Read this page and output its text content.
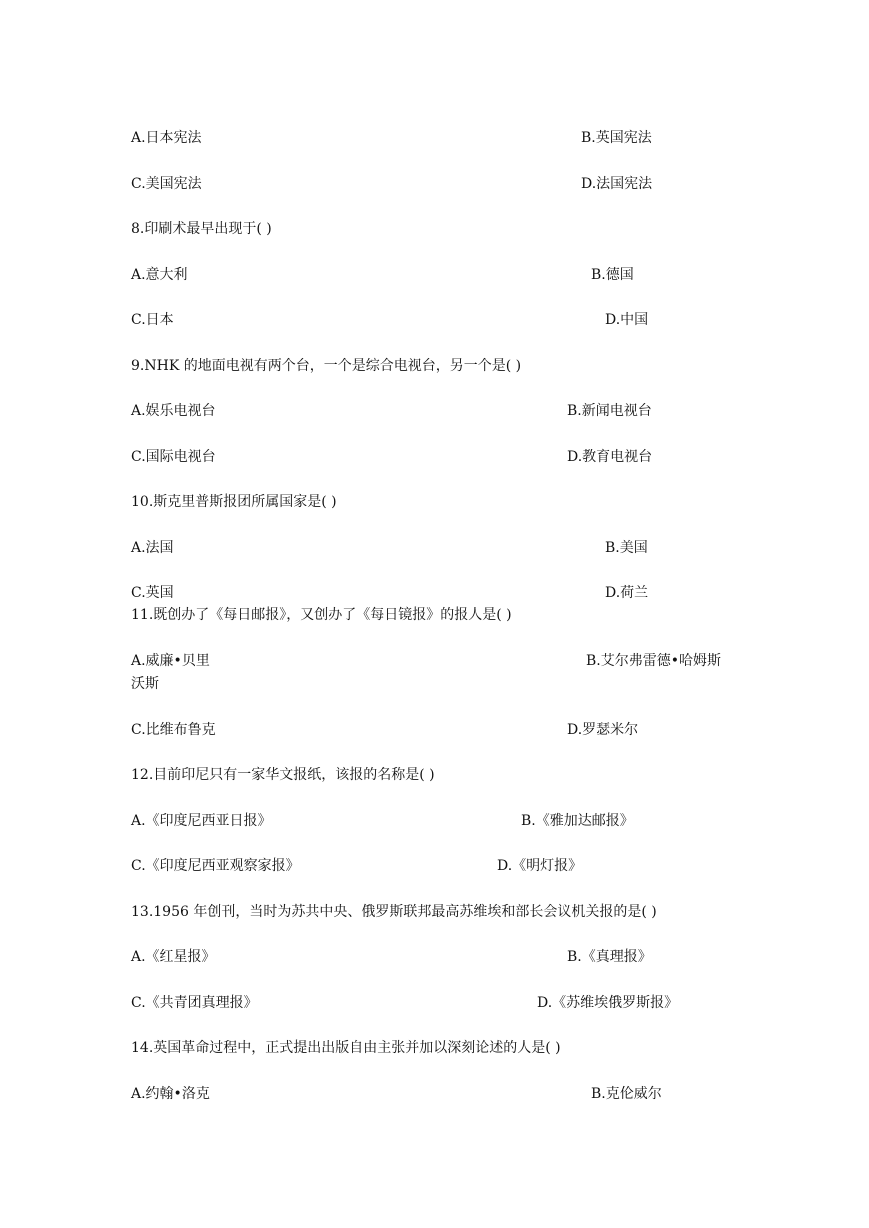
A.日本宪法	B.英国宪法
C.美国宪法	D.法国宪法
8.印刷术最早出现于( )
A.意大利	B.德国
C.日本	D.中国
9.NHK 的地面电视有两个台，一个是综合电视台，另一个是( )
A.娱乐电视台	B.新闻电视台
C.国际电视台	D.教育电视台
10.斯克里普斯报团所属国家是( )
A.法国	B.美国
C.英国	D.荷兰
11.既创办了《每日邮报》，又创办了《每日镜报》的报人是( )
A.威廉•贝里	B.艾尔弗雷德•哈姆斯
沃斯
C.比维布鲁克	D.罗瑟米尔
12.目前印尼只有一家华文报纸，该报的名称是( )
A.《印度尼西亚日报》	B.《雅加达邮报》
C.《印度尼西亚观察家报》	D.《明灯报》
13.1956 年创刊，当时为苏共中央、俄罗斯联邦最高苏维埃和部长会议机关报的是( )
A.《红星报》	B.《真理报》
C.《共青团真理报》	D.《苏维埃俄罗斯报》
14.英国革命过程中，正式提出出版自由主张并加以深刻论述的人是( )
A.约翰•洛克	B.克伦威尔
